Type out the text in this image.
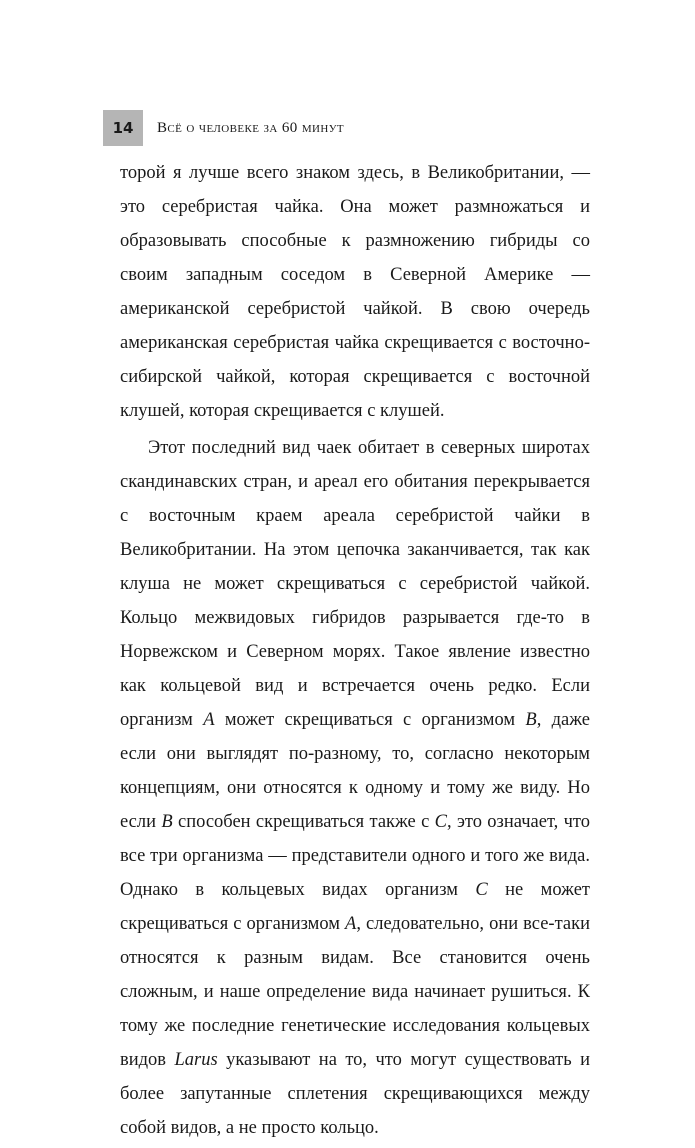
14	Всё о человеке за 60 минут

торой я лучше всего знаком здесь, в Великобритании, — это серебристая чайка. Она может размножаться и образовывать способные к размножению гибриды со своим западным соседом в Северной Америке — американской серебристой чайкой. В свою очередь американская серебристая чайка скрещивается с восточно-сибирской чайкой, которая скрещивается с восточной клушей, которая скрещивается с клушей.

Этот последний вид чаек обитает в северных широтах скандинавских стран, и ареал его обитания перекрывается с восточным краем ареала серебристой чайки в Великобритании. На этом цепочка заканчивается, так как клуша не может скрещиваться с серебристой чайкой. Кольцо межвидовых гибридов разрывается где-то в Норвежском и Северном морях. Такое явление известно как кольцевой вид и встречается очень редко. Если организм A может скрещиваться с организмом B, даже если они выглядят по-разному, то, согласно некоторым концепциям, они относятся к одному и тому же виду. Но если B способен скрещиваться также с C, это означает, что все три организма — представители одного и того же вида. Однако в кольцевых видах организм C не может скрещиваться с организмом A, следовательно, они все-таки относятся к разным видам. Все становится очень сложным, и наше определение вида начинает рушиться. К тому же последние генетические исследования кольцевых видов Larus указывают на то, что могут существовать и более запутанные сплетения скрещивающихся между собой видов, а не просто кольцо.
